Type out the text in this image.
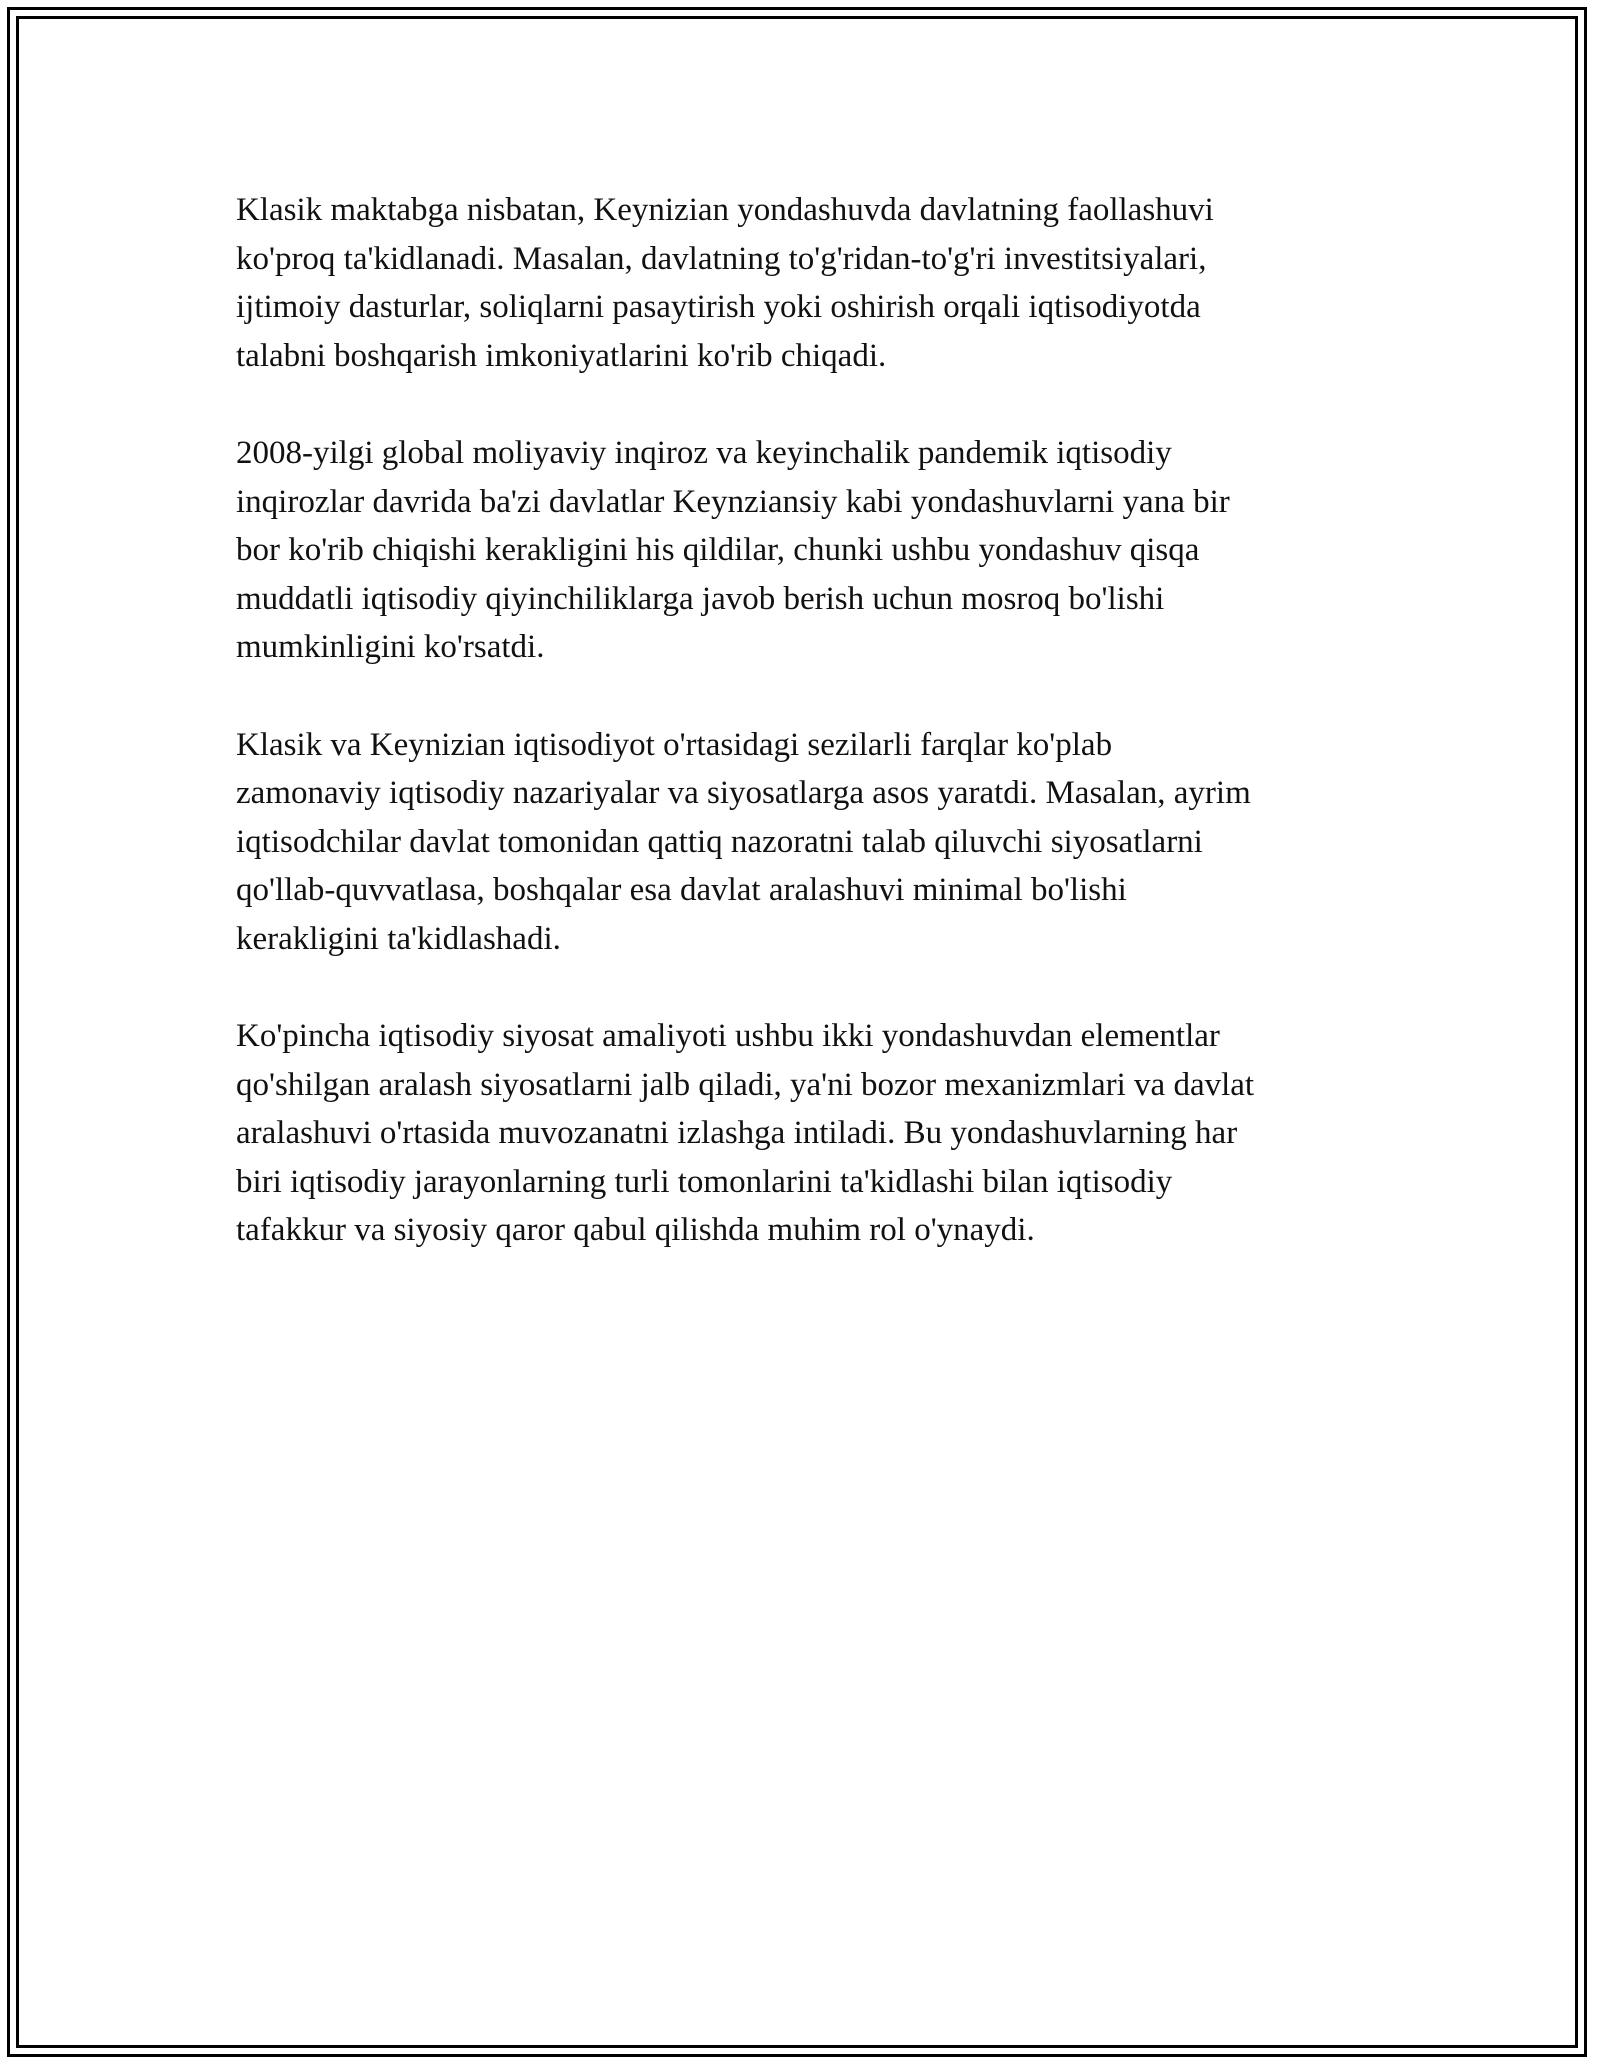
Klasik maktabga nisbatan, Keynizian yondashuvda davlatning faollashuvi
ko'proq ta'kidlanadi. Masalan, davlatning to'g'ridan-to'g'ri investitsiyalari,
ijtimoiy dasturlar, soliqlarni pasaytirish yoki oshirish orqali iqtisodiyotda
talabni boshqarish imkoniyatlarini ko'rib chiqadi.

2008-yilgi global moliyaviy inqiroz va keyinchalik pandemik iqtisodiy
inqirozlar davrida ba'zi davlatlar Keynziansiy kabi yondashuvlarni yana bir
bor ko'rib chiqishi kerakligini his qildilar, chunki ushbu yondashuv qisqa
muddatli iqtisodiy qiyinchiliklarga javob berish uchun mosroq bo'lishi
mumkinligini ko'rsatdi.

Klasik va Keynizian iqtisodiyot o'rtasidagi sezilarli farqlar ko'plab
zamonaviy iqtisodiy nazariyalar va siyosatlarga asos yaratdi. Masalan, ayrim
iqtisodchilar davlat tomonidan qattiq nazoratni talab qiluvchi siyosatlarni
qo'llab-quvvatlasa, boshqalar esa davlat aralashuvi minimal bo'lishi
kerakligini ta'kidlashadi.

Ko'pincha iqtisodiy siyosat amaliyoti ushbu ikki yondashuvdan elementlar
qo'shilgan aralash siyosatlarni jalb qiladi, ya'ni bozor mexanizmlari va davlat
aralashuvi o'rtasida muvozanatni izlashga intiladi. Bu yondashuvlarning har
biri iqtisodiy jarayonlarning turli tomonlarini ta'kidlashi bilan iqtisodiy
tafakkur va siyosiy qaror qabul qilishda muhim rol o'ynaydi.
